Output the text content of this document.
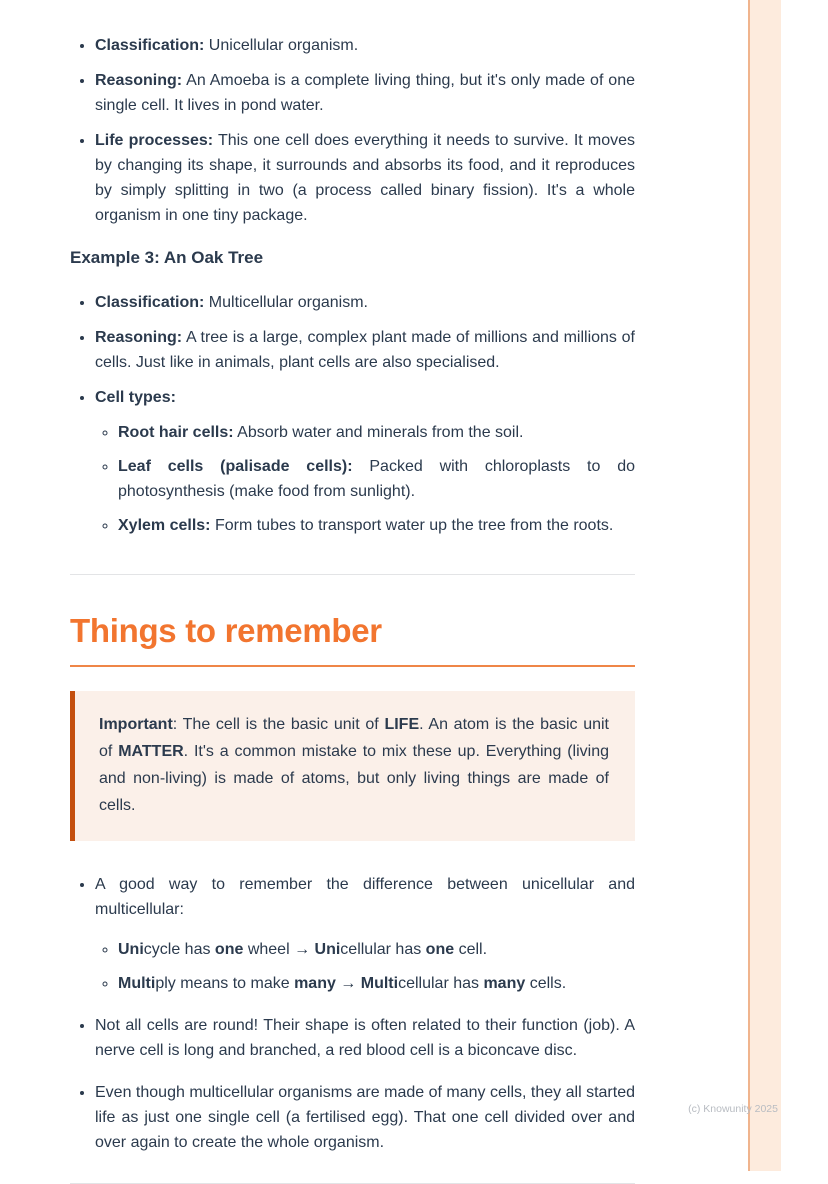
• Classification: Unicellular organism.
• Reasoning: An Amoeba is a complete living thing, but it's only made of one single cell. It lives in pond water.
• Life processes: This one cell does everything it needs to survive. It moves by changing its shape, it surrounds and absorbs its food, and it reproduces by simply splitting in two (a process called binary fission). It's a whole organism in one tiny package.
Example 3: An Oak Tree
• Classification: Multicellular organism.
• Reasoning: A tree is a large, complex plant made of millions and millions of cells. Just like in animals, plant cells are also specialised.
• Cell types:
◦ Root hair cells: Absorb water and minerals from the soil.
◦ Leaf cells (palisade cells): Packed with chloroplasts to do photosynthesis (make food from sunlight).
◦ Xylem cells: Form tubes to transport water up the tree from the roots.
Things to remember

Important: The cell is the basic unit of LIFE. An atom is the basic unit of MATTER. It's a common mistake to mix these up. Everything (living and non-living) is made of atoms, but only living things are made of cells.

• A good way to remember the difference between unicellular and multicellular:
◦ Unicycle has one wheel → Unicellular has one cell.
◦ Multiply means to make many → Multicellular has many cells.
• Not all cells are round! Their shape is often related to their function (job). A nerve cell is long and branched, a red blood cell is a biconcave disc.
• Even though multicellular organisms are made of many cells, they all started life as just one single cell (a fertilised egg). That one cell divided over and over again to create the whole organism.
(c) Knowunity 2025
